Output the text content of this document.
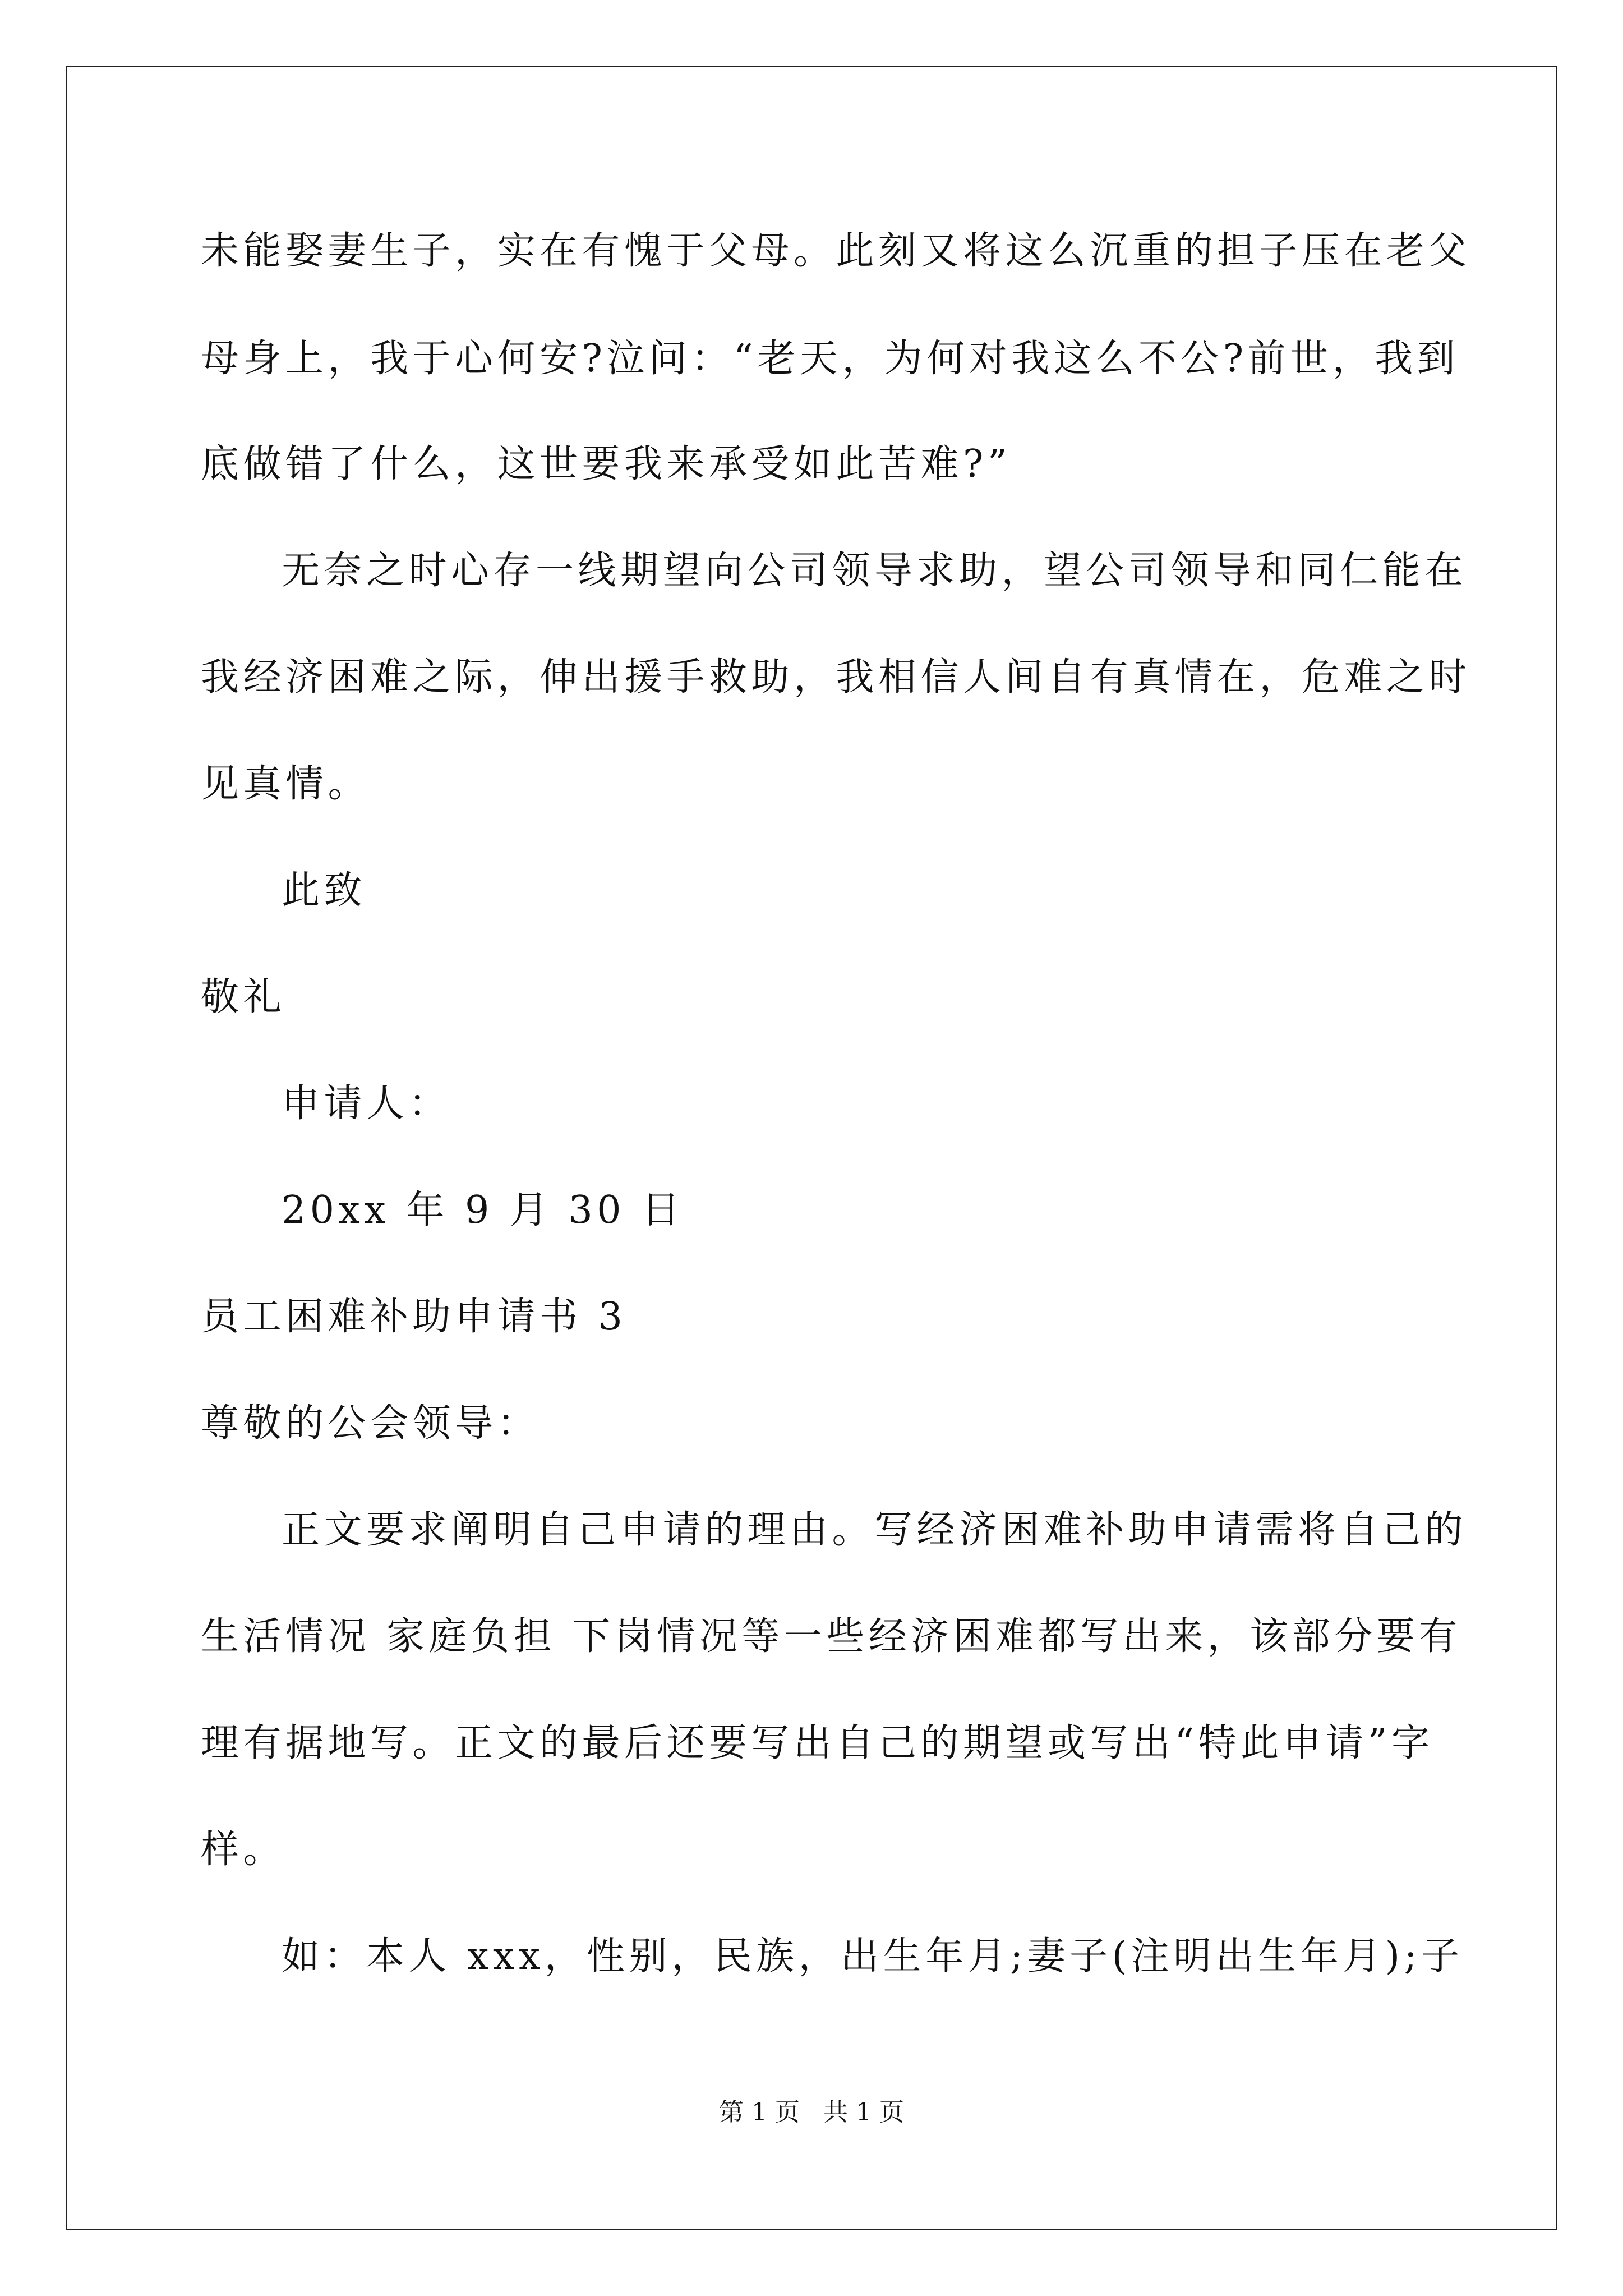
未能娶妻生子，实在有愧于父母。此刻又将这么沉重的担子压在老父
母身上，我于心何安?泣问：“老天，为何对我这么不公?前世，我到
底做错了什么，这世要我来承受如此苦难?”
无奈之时心存一线期望向公司领导求助，望公司领导和同仁能在
我经济困难之际，伸出援手救助，我相信人间自有真情在，危难之时
见真情。
此致
敬礼
申请人：
20xx 年 9 月 30 日
员工困难补助申请书 3
尊敬的公会领导：
正文要求阐明自己申请的理由。写经济困难补助申请需将自己的
生活情况 家庭负担 下岗情况等一些经济困难都写出来，该部分要有
理有据地写。正文的最后还要写出自己的期望或写出“特此申请”字
样。
如：本人 xxx，性别，民族，出生年月;妻子(注明出生年月);子
第 1 页   共 1 页
